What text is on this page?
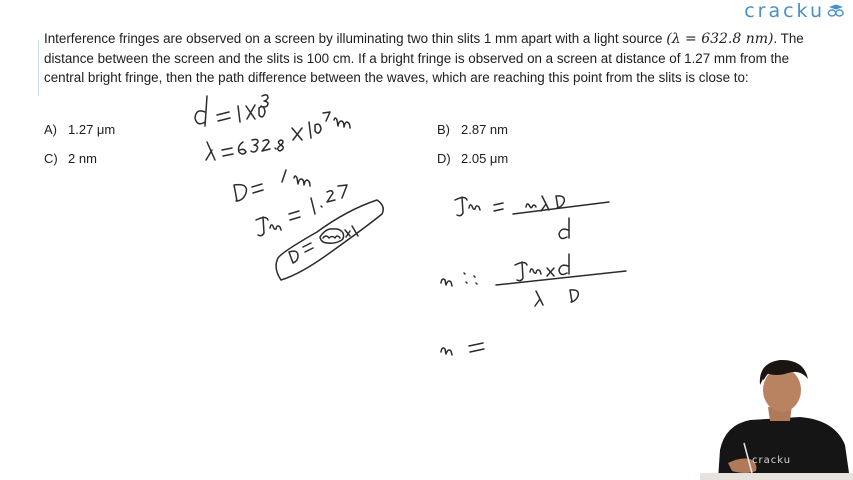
cracku
Interference fringes are observed on a screen by illuminating two thin slits 1 mm apart with a light source (λ = 632.8 nm). The distance between the screen and the slits is 100 cm. If a bright fringe is observed on a screen at distance of 1.27 mm from the central bright fringe, then the path difference between the waves, which are reaching this point from the slits is close to:
A) 1.27 μm	B) 2.87 nm
C) 2 nm	D) 2.05 μm
cracku
